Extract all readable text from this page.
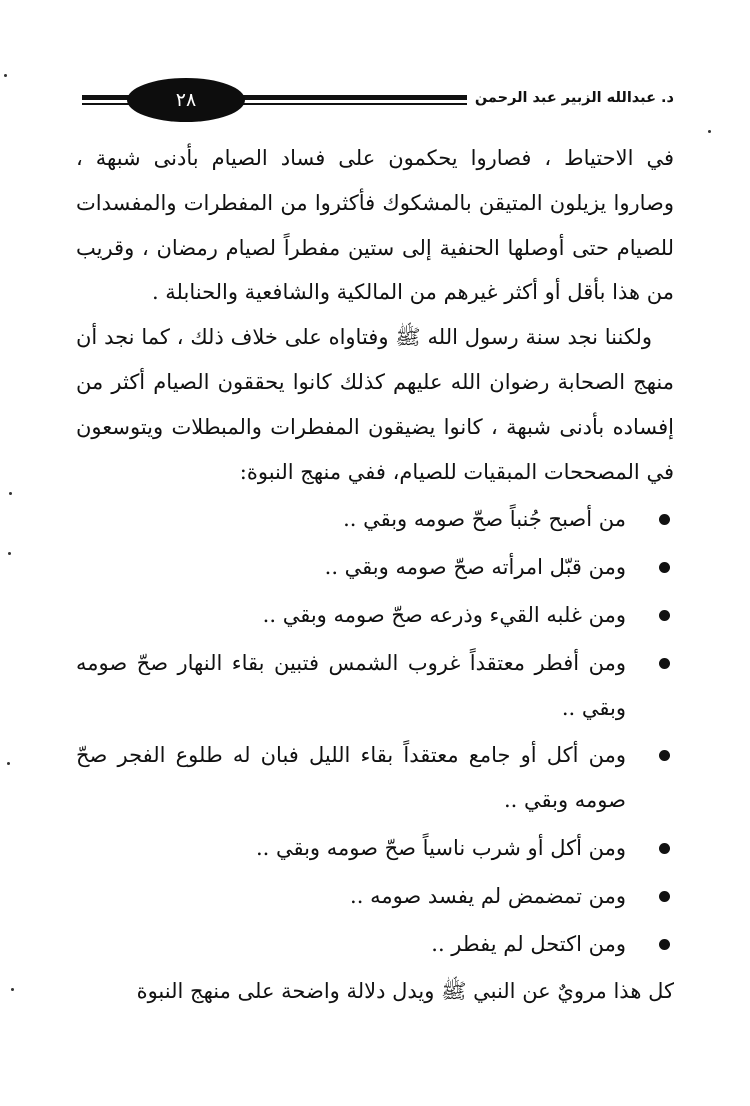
٢٨	د. عبدالله الزبير عبد الرحمن

في الاحتياط ، فصاروا يحكمون على فساد الصيام بأدنى شبهة ، وصاروا يزيلون المتيقن بالمشكوك فأكثروا من المفطرات والمفسدات للصيام حتى أوصلها الحنفية إلى ستين مفطراً لصيام رمضان ، وقريب من هذا بأقل أو أكثر غيرهم من المالكية والشافعية والحنابلة .

ولكننا نجد سنة رسول الله ﷺ وفتاواه على خلاف ذلك ، كما نجد أن منهج الصحابة رضوان الله عليهم كذلك كانوا يحققون الصيام أكثر من إفساده بأدنى شبهة ، كانوا يضيقون المفطرات والمبطلات ويتوسعون في المصححات المبقيات للصيام، ففي منهج النبوة:

من أصبح جُنباً صحّ صومه وبقي ..
ومن قبّل امرأته صحّ صومه وبقي ..
ومن غلبه القيء وذرعه صحّ صومه وبقي ..
ومن أفطر معتقداً غروب الشمس فتبين بقاء النهار صحّ صومه وبقي ..
ومن أكل أو جامع معتقداً بقاء الليل فبان له طلوع الفجر صحّ صومه وبقي ..
ومن أكل أو شرب ناسياً صحّ صومه وبقي ..
ومن تمضمض لم يفسد صومه ..
ومن اكتحل لم يفطر ..

كل هذا مرويٌ عن النبي ﷺ ويدل دلالة واضحة على منهج النبوة
